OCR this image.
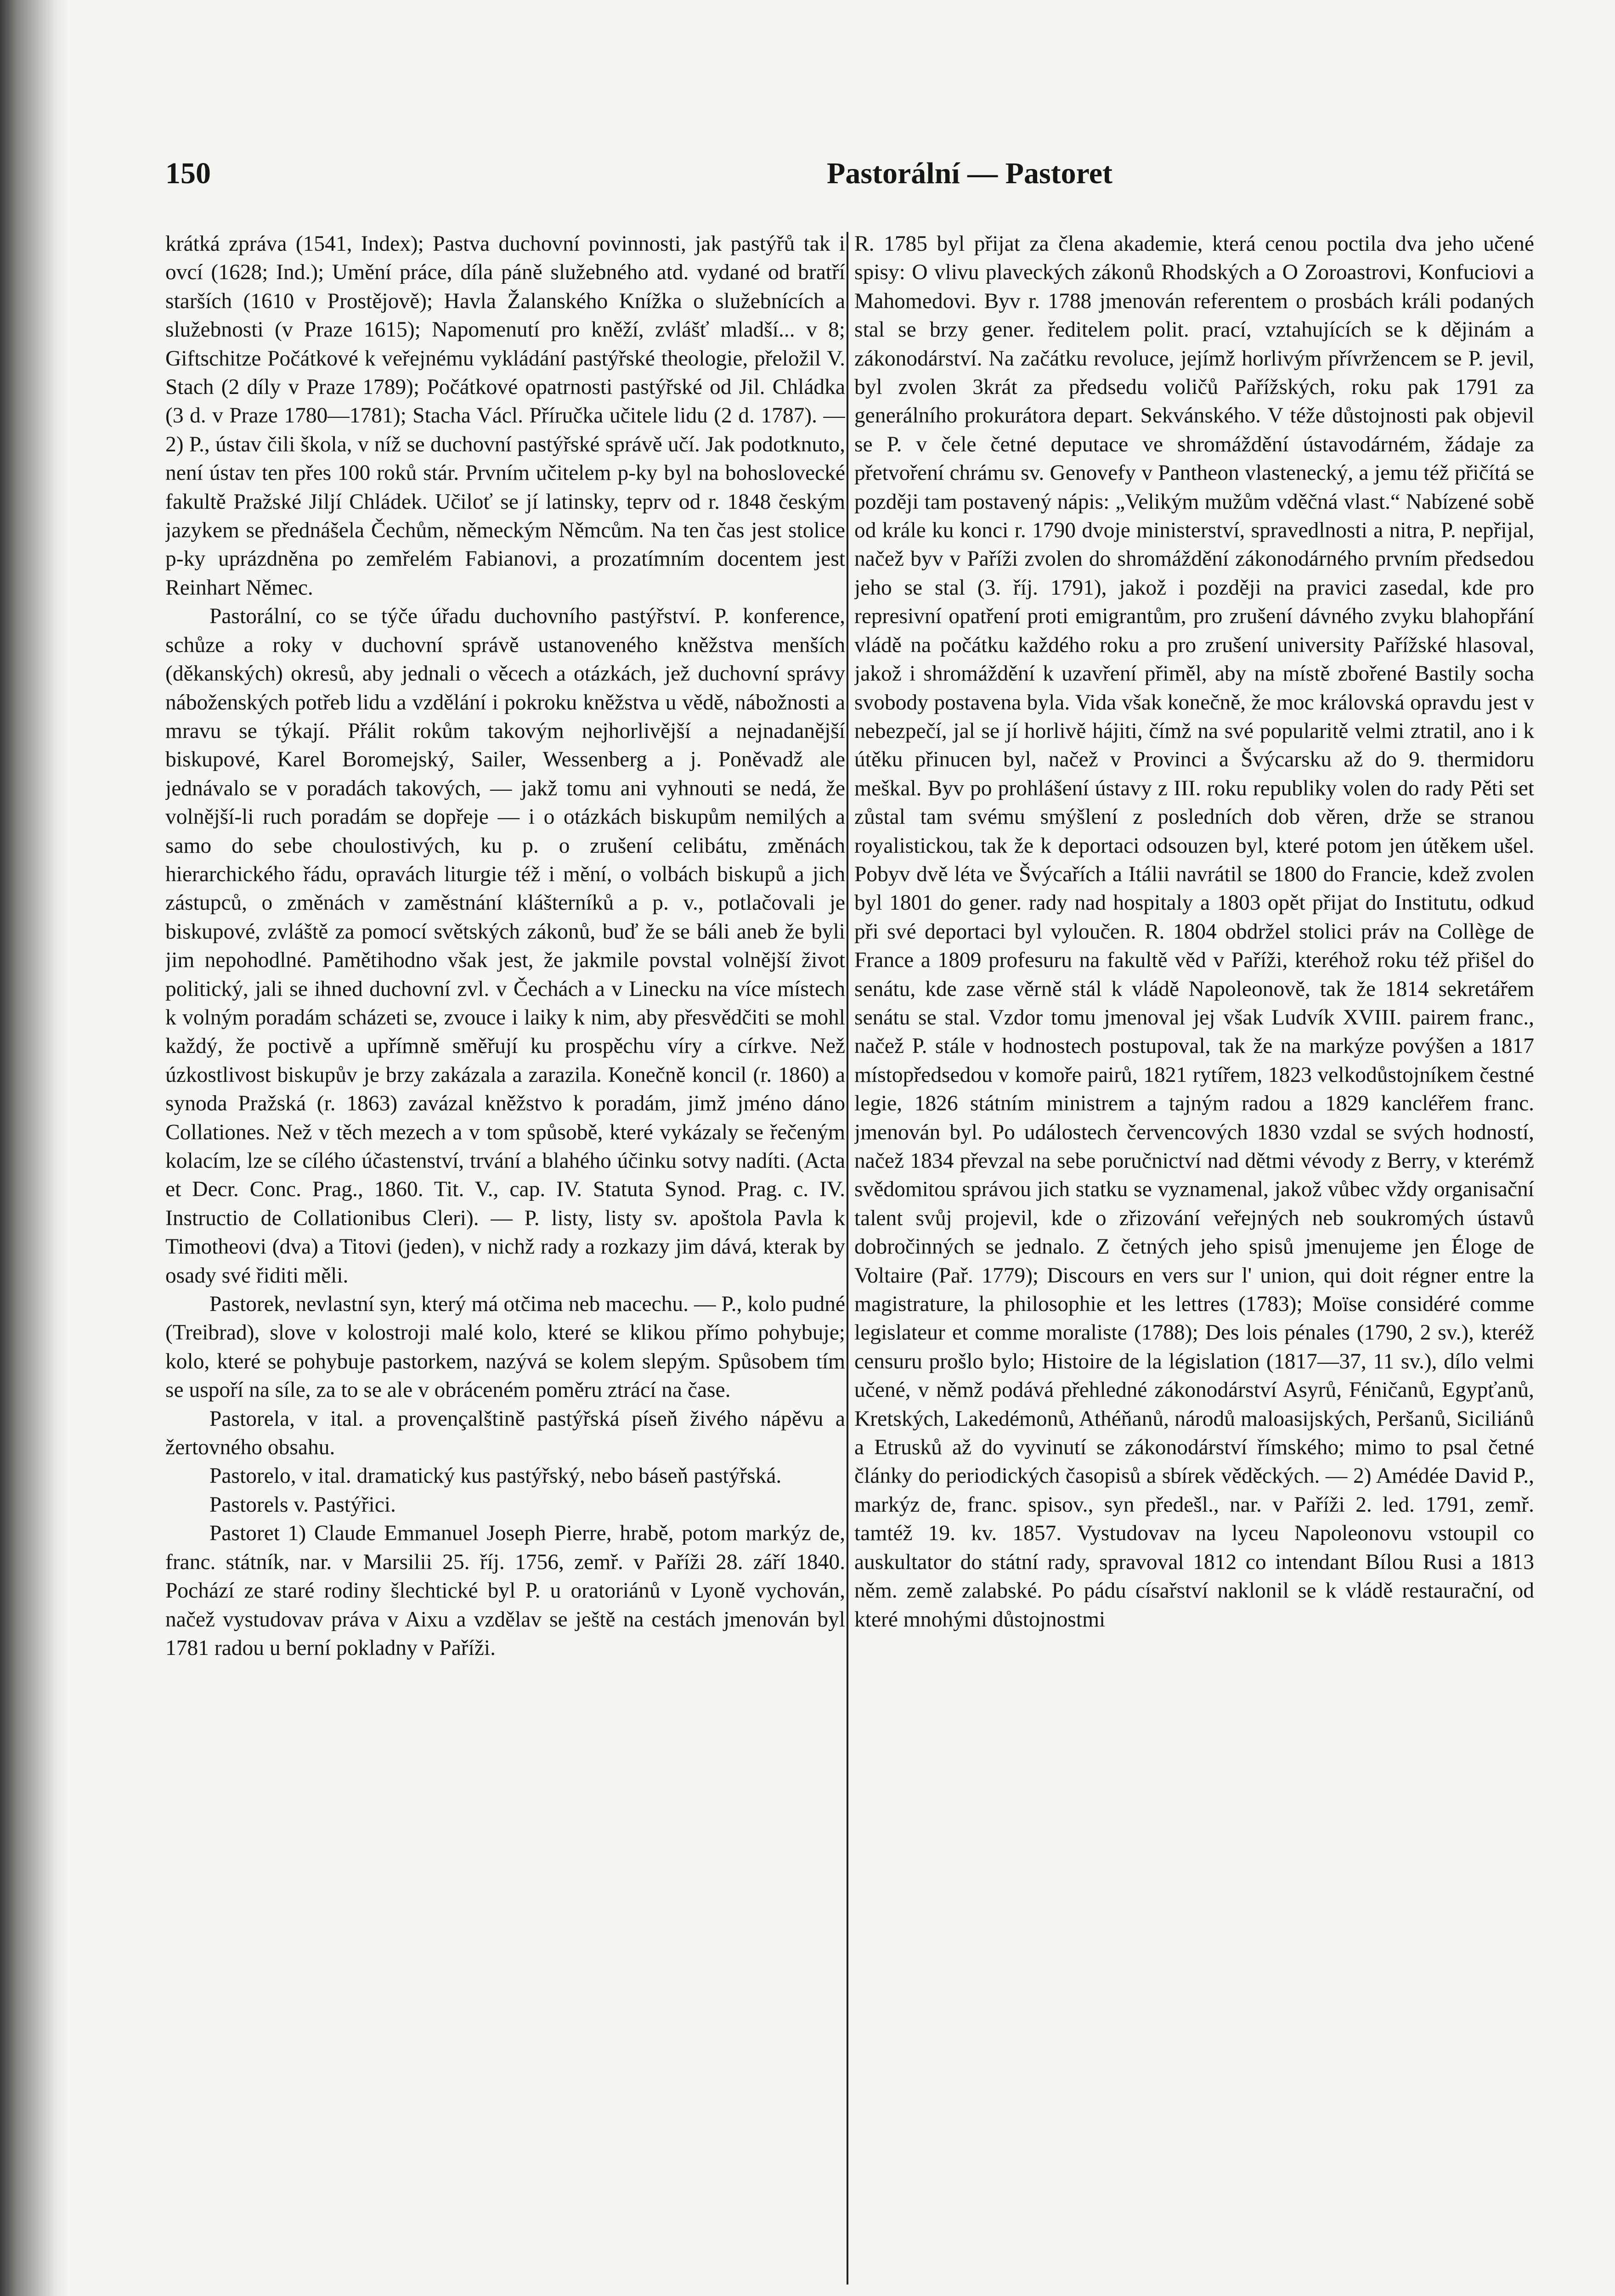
150	Pastorální — Pastoret

krátká zpráva (1541, Index); Pastva duchovní povinnosti, jak pastýřů tak i ovcí (1628; Ind.); Umění práce, díla páně služebného atd. vydané od bratří starších (1610 v Prostějově); Havla Žalanského Knížka o služebnících a služebnosti (v Praze 1615); Napomenutí pro kněží, zvlášť mladší... v 8; Giftschitze Počátkové k veřejnému vykládání pastýřské theologie, přeložil V. Stach (2 díly v Praze 1789); Počátkové opatrnosti pastýřské od Jil. Chládka (3 d. v Praze 1780—1781); Stacha Václ. Příručka učitele lidu (2 d. 1787). — 2) P., ústav čili škola, v níž se duchovní pastýřské správě učí. Jak podotknuto, není ústav ten přes 100 roků stár. Prvním učitelem p-ky byl na bohoslovecké fakultě Pražské Jiljí Chládek. Učiloť se jí latinsky, teprv od r. 1848 českým jazykem se přednášela Čechům, německým Němcům. Na ten čas jest stolice p-ky uprázdněna po zemřelém Fabianovi, a prozatímním docentem jest Reinhart Němec.

Pastorální, co se týče úřadu duchovního pastýřství. P. konference, schůze a roky v duchovní správě ustanoveného kněžstva menších (děkanských) okresů, aby jednali o věcech a otázkách, jež duchovní správy náboženských potřeb lidu a vzdělání i pokroku kněžstva u vědě, nábožnosti a mravu se týkají. Přálit rokům takovým nejhorlivější a nejnadanější biskupové, Karel Boromejský, Sailer, Wessenberg a j. Poněvadž ale jednávalo se v poradách takových, — jakž tomu ani vyhnouti se nedá, že volnější-li ruch poradám se dopřeje — i o otázkách biskupům nemilých a samo do sebe choulostivých, ku p. o zrušení celibátu, změnách hierarchického řádu, opravách liturgie též i mění, o volbách biskupů a jich zástupců, o změnách v zaměstnání klášterníků a p. v., potlačovali je biskupové, zvláště za pomocí světských zákonů, buď že se báli aneb že byli jim nepohodlné. Pamětihodno však jest, že jakmile povstal volnější život politický, jali se ihned duchovní zvl. v Čechách a v Linecku na více místech k volným poradám scházeti se, zvouce i laiky k nim, aby přesvědčiti se mohl každý, že poctivě a upřímně směřují ku prospěchu víry a církve. Než úzkostlivost biskupův je brzy zakázala a zarazila. Konečně koncil (r. 1860) a synoda Pražská (r. 1863) zavázal kněžstvo k poradám, jimž jméno dáno Collationes. Než v těch mezech a v tom spůsobě, které vykázaly se řečeným kolacím, lze se cílého účastenství, trvání a blahého účinku sotvy nadíti. (Acta et Decr. Conc. Prag., 1860. Tit. V., cap. IV. Statuta Synod. Prag. c. IV. Instructio de Collationibus Cleri). — P. listy, listy sv. apoštola Pavla k Timotheovi (dva) a Titovi (jeden), v nichž rady a rozkazy jim dává, kterak by osady své řiditi měli.

Pastorek, nevlastní syn, který má otčima neb macechu. — P., kolo pudné (Treibrad), slove v kolostroji malé kolo, které se klikou přímo pohybuje; kolo, které se pohybuje pastorkem, nazývá se kolem slepým. Spůsobem tím se uspoří na síle, za to se ale v obráceném poměru ztrácí na čase.

Pastorela, v ital. a provençalštině pastýřská píseň živého nápěvu a žertovného obsahu.

Pastorelo, v ital. dramatický kus pastýřský, nebo báseň pastýřská.

Pastorels v. Pastýřici.

Pastoret 1) Claude Emmanuel Joseph Pierre, hrabě, potom markýz de, franc. státník, nar. v Marsilii 25. říj. 1756, zemř. v Paříži 28. září 1840. Pochází ze staré rodiny šlechtické byl P. u oratoriánů v Lyoně vychován, načež vystudovav práva v Aixu a vzdělav se ještě na cestách jmenován byl 1781 radou u berní pokladny v Paříži.

R. 1785 byl přijat za člena akademie, která cenou poctila dva jeho učené spisy: O vlivu plaveckých zákonů Rhodských a O Zoroastrovi, Konfuciovi a Mahomedovi. Byv r. 1788 jmenován referentem o prosbách králi podaných stal se brzy gener. ředitelem polit. prací, vztahujících se k dějinám a zákonodárství. Na začátku revoluce, jejímž horlivým přívržencem se P. jevil, byl zvolen 3krát za předsedu voličů Pařížských, roku pak 1791 za generálního prokurátora depart. Sekvánského. V téže důstojnosti pak objevil se P. v čele četné deputace ve shromáždění ústavodárném, žádaje za přetvoření chrámu sv. Genovefy v Pantheon vlastenecký, a jemu též přičítá se později tam postavený nápis: „Velikým mužům vděčná vlast.“ Nabízené sobě od krále ku konci r. 1790 dvoje ministerství, spravedlnosti a nitra, P. nepřijal, načež byv v Paříži zvolen do shromáždění zákonodárného prvním předsedou jeho se stal (3. říj. 1791), jakož i později na pravici zasedal, kde pro represivní opatření proti emigrantům, pro zrušení dávného zvyku blahopřání vládě na počátku každého roku a pro zrušení university Pařížské hlasoval, jakož i shromáždění k uzavření přiměl, aby na místě zbořené Bastily socha svobody postavena byla. Vida však konečně, že moc královská opravdu jest v nebezpečí, jal se jí horlivě hájiti, čímž na své popularitě velmi ztratil, ano i k útěku přinucen byl, načež v Provinci a Švýcarsku až do 9. thermidoru meškal. Byv po prohlášení ústavy z III. roku republiky volen do rady Pěti set zůstal tam svému smýšlení z posledních dob věren, drže se stranou royalistickou, tak že k deportaci odsouzen byl, které potom jen útěkem ušel. Pobyv dvě léta ve Švýcařích a Itálii navrátil se 1800 do Francie, kdež zvolen byl 1801 do gener. rady nad hospitaly a 1803 opět přijat do Institutu, odkud při své deportaci byl vyloučen. R. 1804 obdržel stolici práv na Collège de France a 1809 profesuru na fakultě věd v Paříži, kteréhož roku též přišel do senátu, kde zase věrně stál k vládě Napoleonově, tak že 1814 sekretářem senátu se stal. Vzdor tomu jmenoval jej však Ludvík XVIII. pairem franc., načež P. stále v hodnostech postupoval, tak že na markýze povýšen a 1817 místopředsedou v komoře pairů, 1821 rytířem, 1823 velkodůstojníkem čestné legie, 1826 státním ministrem a tajným radou a 1829 kancléřem franc. jmenován byl. Po událostech červencových 1830 vzdal se svých hodností, načež 1834 převzal na sebe poručnictví nad dětmi vévody z Berry, v kterémž svědomitou správou jich statku se vyznamenal, jakož vůbec vždy organisační talent svůj projevil, kde o zřizování veřejných neb soukromých ústavů dobročinných se jednalo. Z četných jeho spisů jmenujeme jen Éloge de Voltaire (Pař. 1779); Discours en vers sur l' union, qui doit régner entre la magistrature, la philosophie et les lettres (1783); Moïse considéré comme legislateur et comme moraliste (1788); Des lois pénales (1790, 2 sv.), kteréž censuru prošlo bylo; Histoire de la législation (1817—37, 11 sv.), dílo velmi učené, v němž podává přehledné zákonodárství Asyrů, Féničanů, Egypťanů, Kretských, Lakedémonů, Athéňanů, národů maloasijských, Peršanů, Siciliánů a Etrusků až do vyvinutí se zákonodárství římského; mimo to psal četné články do periodických časopisů a sbírek věděckých. — 2) Amédée David P., markýz de, franc. spisov., syn předešl., nar. v Paříži 2. led. 1791, zemř. tamtéž 19. kv. 1857. Vystudovav na lyceu Napoleonovu vstoupil co auskultator do státní rady, spravoval 1812 co intendant Bílou Rusi a 1813 něm. země zalabské. Po pádu císařství naklonil se k vládě restaurační, od které mnohými důstojnostmi
